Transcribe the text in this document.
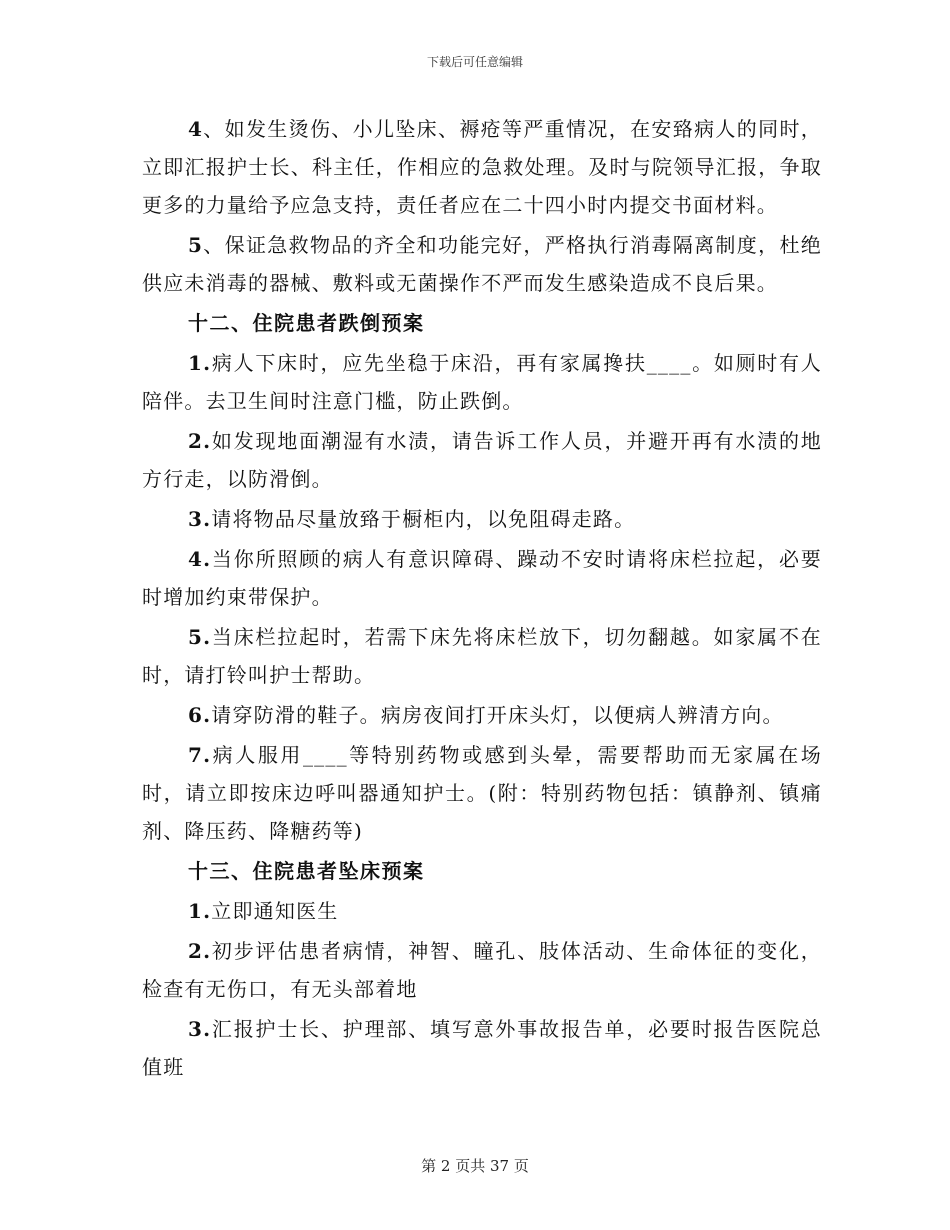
下载后可任意编辑

4、如发生烫伤、小儿坠床、褥疮等严重情况，在安臵病人的同时，立即汇报护士长、科主任，作相应的急救处理。及时与院领导汇报，争取更多的力量给予应急支持，责任者应在二十四小时内提交书面材料。

5、保证急救物品的齐全和功能完好，严格执行消毒隔离制度，杜绝供应未消毒的器械、敷料或无菌操作不严而发生感染造成不良后果。

十二、住院患者跌倒预案

1.病人下床时，应先坐稳于床沿，再有家属搀扶____。如厕时有人陪伴。去卫生间时注意门槛，防止跌倒。

2.如发现地面潮湿有水渍，请告诉工作人员，并避开再有水渍的地方行走，以防滑倒。

3.请将物品尽量放臵于橱柜内，以免阻碍走路。

4.当你所照顾的病人有意识障碍、躁动不安时请将床栏拉起，必要时增加约束带保护。

5.当床栏拉起时，若需下床先将床栏放下，切勿翻越。如家属不在时，请打铃叫护士帮助。

6.请穿防滑的鞋子。病房夜间打开床头灯，以便病人辨清方向。

7.病人服用____等特别药物或感到头晕，需要帮助而无家属在场时，请立即按床边呼叫器通知护士。(附：特别药物包括：镇静剂、镇痛剂、降压药、降糖药等)

十三、住院患者坠床预案

1.立即通知医生

2.初步评估患者病情，神智、瞳孔、肢体活动、生命体征的变化，检查有无伤口，有无头部着地

3.汇报护士长、护理部、填写意外事故报告单，必要时报告医院总值班

第 2 页共 37 页
